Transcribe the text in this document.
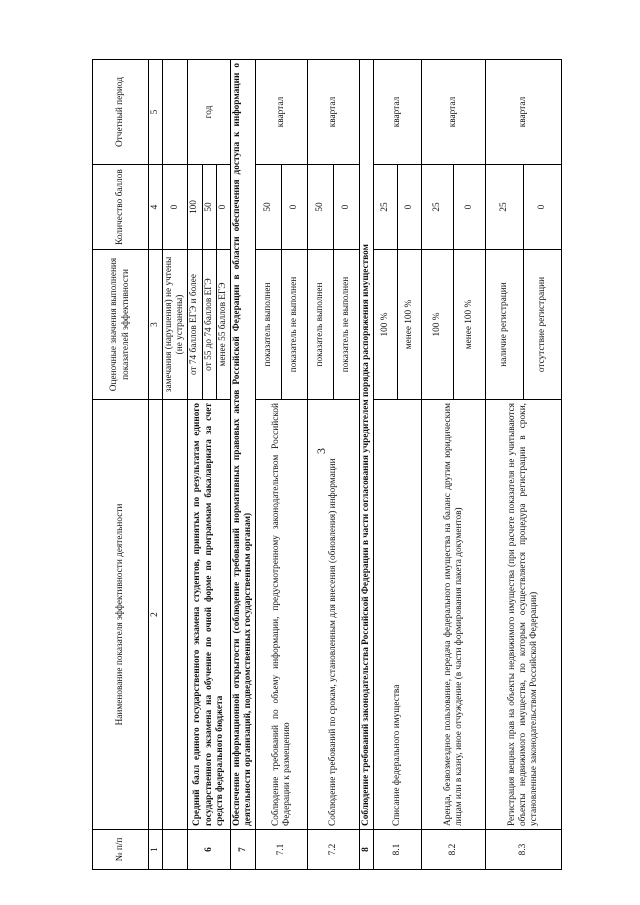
3
№ п/п	Наименование показателя эффективности деятельности	Оценочные значения выполнения показателей эффективности	Количество баллов	Отчетный период
1	2	3	4	5
		замечания (нарушения) не учтены (не устранены)	0	
6	Средний балл единого государственного экзамена студентов, принятых по результатам единого государственного экзамена на обучение по очной форме по программам бакалавриата за счет средств федерального бюджета	от 74 баллов ЕГЭ и более	100	год
		от 55 до 74 баллов ЕГЭ	50	
		менее 55 баллов ЕГЭ	0	
7	Обеспечение информационной открытости (соблюдение требований нормативных правовых актов Российской Федерации в области обеспечения доступа к информации о деятельности организаций, подведомственных государственным органам)			
7.1	Соблюдение требований по объему информации, предусмотренному законодательством Российской Федерации к размещению	показатель выполнен	50	квартал
		показатель не выполнен	0	
7.2	Соблюдение требований по срокам, установленным для внесения (обновления) информации	показатель выполнен	50	квартал
		показатель не выполнен	0	
8	Соблюдение требований законодательства Российской Федерации в части согласования учредителем порядка распоряжения имуществом			
8.1	Списание федерального имущества	100 %	25	квартал
		менее 100 %	0	
8.2	Аренда, безвозмездное пользование, передача федерального имущества на баланс другим юридическим лицам или в казну, иное отчуждение (в части формирования пакета документов)	100 %	25	квартал
		менее 100 %	0	
8.3	Регистрация вещных прав на объекты недвижимого имущества (при расчете показателя не учитываются объекты недвижимого имущества, по которым осуществляется процедура регистрации в сроки, установленные законодательством Российской Федерации)	наличие регистрации	25	квартал
		отсутствие регистрации	0	
